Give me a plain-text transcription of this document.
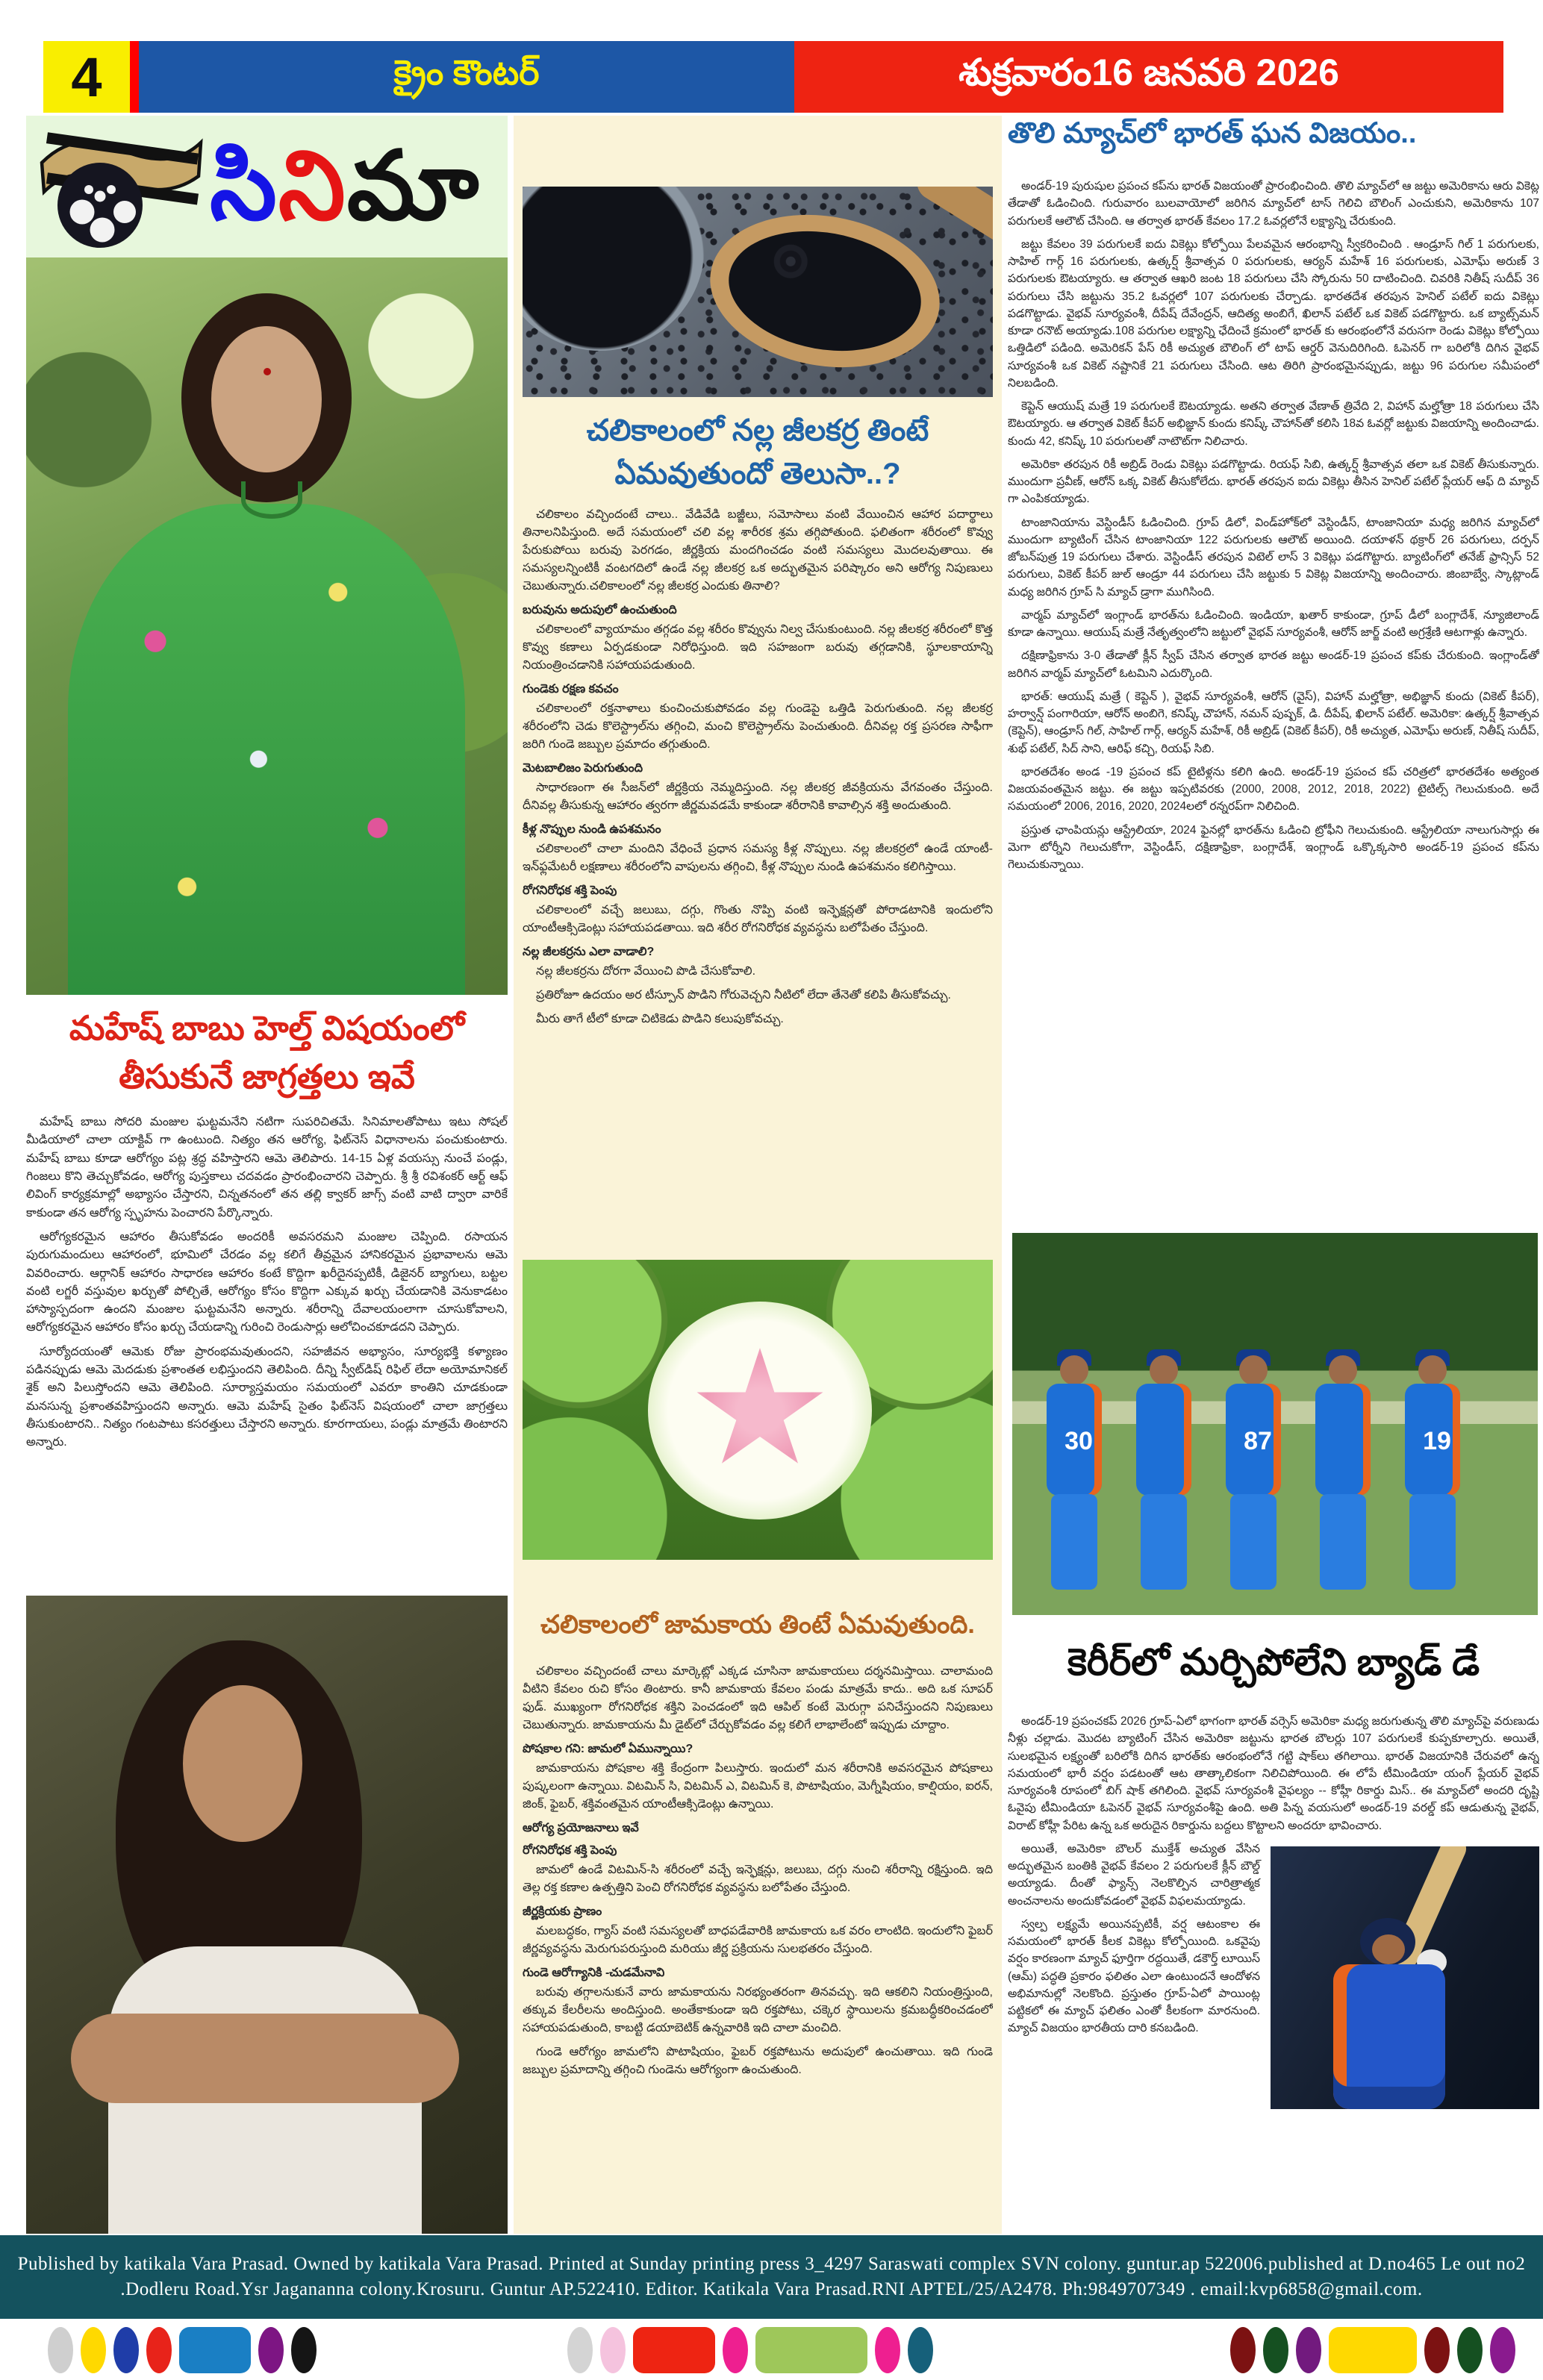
4	క్రైం కౌంటర్	శుక్రవారం16 జనవరి 2026
సినిమా
మహేష్ బాబు హెల్త్ విషయంలో
తీసుకునే జాగ్రత్తలు ఇవే

మహేష్ బాబు సోదరి మంజుల ఘట్టమనేని నటిగా సుపరిచితమే. సినిమాలతోపాటు ఇటు సోషల్ మీడియాలో చాలా యాక్టివ్ గా ఉంటుంది. నిత్యం తన ఆరోగ్య, ఫిట్‌నెస్ విధానాలను పంచుకుంటారు. మహేష్ బాబు కూడా ఆరోగ్యం పట్ల శ్రద్ధ వహిస్తారని ఆమె తెలిపారు. 14-15 ఏళ్ల వయస్సు నుంచే పండ్లు, గింజలు కొని తెచ్చుకోవడం, ఆరోగ్య పుస్తకాలు చదవడం ప్రారంభించారని చెప్పారు. శ్రీ శ్రీ రవిశంకర్ ఆర్ట్ ఆఫ్ లివింగ్ కార్యక్రమాల్లో అభ్యాసం చేస్తారని, చిన్నతనంలో తన తల్లి క్వాకర్ జాగ్స్ వంటి వాటి ద్వారా వారికే కాకుండా తన ఆరోగ్య స్పృహను పెంచారని పేర్కొన్నారు.

ఆరోగ్యకరమైన ఆహారం తీసుకోవడం అందరికీ అవసరమని మంజుల చెప్పింది. రసాయన పురుగుమందులు ఆహారంలో, భూమిలో చేరడం వల్ల కలిగే తీవ్రమైన హానికరమైన ప్రభావాలను ఆమె వివరించారు. ఆర్గానిక్ ఆహారం సాధారణ ఆహారం కంటే కొద్దిగా ఖరీదైనప్పటికీ, డిజైనర్ బ్యాగులు, బట్టల వంటి లగ్జరీ వస్తువుల ఖర్చుతో పోల్చితే, ఆరోగ్యం కోసం కొద్దిగా ఎక్కువ ఖర్చు చేయడానికి వెనుకాడటం హాస్యాస్పదంగా ఉందని మంజుల ఘట్టమనేని అన్నారు. శరీరాన్ని దేవాలయంలాగా చూసుకోవాలని, ఆరోగ్యకరమైన ఆహారం కోసం ఖర్చు చేయడాన్ని గురించి రెండుసార్లు ఆలోచించకూడదని చెప్పారు.

సూర్యోదయంతో ఆమెకు రోజు ప్రారంభమవుతుందని, సహజీవన అభ్యాసం, సూర్యభక్తి కళ్యాణం పడినప్పుడు ఆమె మెదడుకు ప్రశాంతత లభిస్తుందని తెలిపింది. దీన్ని స్వీట్‌డిష్ రిఫిల్ లేదా అయోమానికల్ శైక్ అని పిలుస్తోందని ఆమె తెలిపింది. సూర్యాస్తమయం సమయంలో ఎవరూ కాంతిని చూడకుండా మనసున్న ప్రశాంతవహిస్తుందని అన్నారు. ఆమె మహేష్ సైతం ఫిట్‌నెస్ విషయంలో చాలా జాగ్రత్తలు తీసుకుంటారని.. నిత్యం గంటపాటు కసరత్తులు చేస్తారని అన్నారు. కూరగాయలు, పండ్లు మాత్రమే తింటారని అన్నారు.

చలికాలంలో నల్ల జీలకర్ర తింటే
ఏమవుతుందో తెలుసా..?

చలికాలం వచ్చిందంటే చాలు.. వేడివేడి బజ్జీలు, సమోసాలు వంటి వేయించిన ఆహార పదార్థాలు తినాలనిపిస్తుంది. అదే సమయంలో చలి వల్ల శారీరక శ్రమ తగ్గిపోతుంది. ఫలితంగా శరీరంలో కొవ్వు పేరుకుపోయి బరువు పెరగడం, జీర్ణక్రియ మందగించడం వంటి సమస్యలు మొదలవుతాయి. ఈ సమస్యలన్నింటికీ వంటగదిలో ఉండే నల్ల జీలకర్ర ఒక అద్భుతమైన పరిష్కారం అని ఆరోగ్య నిపుణులు చెబుతున్నారు.చలికాలంలో నల్ల జీలకర్ర ఎందుకు తినాలి?

బరువును అదుపులో ఉంచుతుంది

చలికాలంలో వ్యాయామం తగ్గడం వల్ల శరీరం కొవ్వును నిల్వ చేసుకుంటుంది. నల్ల జీలకర్ర శరీరంలో కొత్త కొవ్వు కణాలు ఏర్పడకుండా నిరోధిస్తుంది. ఇది సహజంగా బరువు తగ్గడానికి, స్థూలకాయాన్ని నియంత్రించడానికి సహాయపడుతుంది.

గుండెకు రక్షణ కవచం

చలికాలంలో రక్తనాళాలు కుంచించుకుపోవడం వల్ల గుండెపై ఒత్తిడి పెరుగుతుంది. నల్ల జీలకర్ర శరీరంలోని చెడు కొలెస్ట్రాల్‌ను తగ్గించి, మంచి కొలెస్ట్రాల్‌ను పెంచుతుంది. దీనివల్ల రక్త ప్రసరణ సాఫీగా జరిగి గుండె జబ్బుల ప్రమాదం తగ్గుతుంది.

మెటబాలిజం పెరుగుతుంది

సాధారణంగా ఈ సీజన్‌లో జీర్ణక్రియ నెమ్మదిస్తుంది. నల్ల జీలకర్ర జీవక్రియను వేగవంతం చేస్తుంది. దీనివల్ల తీసుకున్న ఆహారం త్వరగా జీర్ణమవడమే కాకుండా శరీరానికి కావాల్సిన శక్తి అందుతుంది.

కీళ్ల నొప్పుల నుండి ఉపశమనం

చలికాలంలో చాలా మందిని వేధించే ప్రధాన సమస్య కీళ్ల నొప్పులు. నల్ల జీలకర్రలో ఉండే యాంటీ-ఇన్‌ఫ్లమేటరీ లక్షణాలు శరీరంలోని వాపులను తగ్గించి, కీళ్ల నొప్పుల నుండి ఉపశమనం కలిగిస్తాయి.

రోగనిరోధక శక్తి పెంపు

చలికాలంలో వచ్చే జలుబు, దగ్గు, గొంతు నొప్పి వంటి ఇన్ఫెక్షన్లతో పోరాడటానికి ఇందులోని యాంటీఆక్సిడెంట్లు సహాయపడతాయి. ఇది శరీర రోగనిరోధక వ్యవస్థను బలోపేతం చేస్తుంది.

నల్ల జీలకర్రను ఎలా వాడాలి?

నల్ల జీలకర్రను దోరగా వేయించి పొడి చేసుకోవాలి.

ప్రతిరోజూ ఉదయం అర టీస్పూన్ పొడిని గోరువెచ్చని నీటిలో లేదా తేనెతో కలిపి తీసుకోవచ్చు.

మీరు తాగే టీలో కూడా చిటికెడు పొడిని కలుపుకోవచ్చు.

చలికాలంలో జామకాయ తింటే ఏమవుతుంది.

చలికాలం వచ్చిందంటే చాలు మార్కెట్లో ఎక్కడ చూసినా జామకాయలు దర్శనమిస్తాయి. చాలామంది వీటిని కేవలం రుచి కోసం తింటారు. కానీ జామకాయ కేవలం పండు మాత్రమే కాదు.. అది ఒక సూపర్ ఫుడ్. ముఖ్యంగా రోగనిరోధక శక్తిని పెంచడంలో ఇది ఆపిల్ కంటే మెరుగ్గా పనిచేస్తుందని నిపుణులు చెబుతున్నారు. జామకాయను మీ డైట్‌లో చేర్చుకోవడం వల్ల కలిగే లాభాలేంటో ఇప్పుడు చూద్దాం.

పోషకాల గని: జామలో ఏమున్నాయి?

జామకాయను పోషకాల శక్తి కేంద్రంగా పిలుస్తారు. ఇందులో మన శరీరానికి అవసరమైన పోషకాలు పుష్కలంగా ఉన్నాయి. విటమిన్ సి, విటమిన్ ఎ, విటమిన్ కె, పొటాషియం, మెగ్నీషియం, కాల్షియం, ఐరన్, జింక్, ఫైబర్, శక్తివంతమైన యాంటీఆక్సిడెంట్లు ఉన్నాయి.

ఆరోగ్య ప్రయోజనాలు ఇవే
రోగనిరోధక శక్తి పెంపు

జామలో ఉండే విటమిన్-సి శరీరంలో వచ్చే ఇన్ఫెక్షన్లు, జలుబు, దగ్గు నుంచి శరీరాన్ని రక్షిస్తుంది. ఇది తెల్ల రక్త కణాల ఉత్పత్తిని పెంచి రోగనిరోధక వ్యవస్థను బలోపేతం చేస్తుంది.

జీర్ణక్రియకు ప్రాణం

మలబద్ధకం, గ్యాస్ వంటి సమస్యలతో బాధపడేవారికి జామకాయ ఒక వరం లాంటిది. ఇందులోని ఫైబర్ జీర్ణవ్యవస్థను మెరుగుపరుస్తుంది మరియు జీర్ణ ప్రక్రియను సులభతరం చేస్తుంది.

గుండె ఆరోగ్యానికి -చుడమేనావి

బరువు తగ్గాలనుకునే వారు జామకాయను నిరభ్యంతరంగా తినవచ్చు. ఇది ఆకలిని నియంత్రిస్తుంది, తక్కువ కేలరీలను అందిస్తుంది. అంతేకాకుండా ఇది రక్తపోటు, చక్కెర స్థాయిలను క్రమబద్ధీకరించడంలో సహాయపడుతుంది, కాబట్టి డయాబెటిక్ ఉన్నవారికి ఇది చాలా మంచిది.

గుండె ఆరోగ్యం జామలోని పొటాషియం, ఫైబర్ రక్తపోటును అదుపులో ఉంచుతాయి. ఇది గుండె జబ్బుల ప్రమాదాన్ని తగ్గించి గుండెను ఆరోగ్యంగా ఉంచుతుంది.

తొలి మ్యాచ్‌లో భారత్ ఘన విజయం..

అండర్-19 పురుషుల ప్రపంచ కప్‌ను భారత్ విజయంతో ప్రారంభించింది. తొలి మ్యాచ్‌లో ఆ జట్టు అమెరికాను ఆరు వికెట్ల తేడాతో ఓడించింది. గురువారం బులవాయోలో జరిగిన మ్యాచ్‌లో టాస్ గెలిచి బౌలింగ్ ఎంచుకుని, అమెరికాను 107 పరుగులకే ఆలౌట్ చేసింది. ఆ తర్వాత భారత్ కేవలం 17.2 ఓవర్లలోనే లక్ష్యాన్ని చేరుకుంది.

జట్టు కేవలం 39 పరుగులకే ఐదు వికెట్లు కోల్పోయి పేలవమైన ఆరంభాన్ని స్వీకరించింది . ఆండ్రూస్ గిల్ 1 పరుగులకు, సాహిల్ గార్గ్ 16 పరుగులకు, ఉత్కర్ష్ శ్రీవాత్సవ 0 పరుగులకు, ఆర్యన్ మహేశ్ 16 పరుగులకు, ఎమోఘ్ అరుణ్ 3 పరుగులకు ఔటయ్యారు. ఆ తర్వాత ఆఖరి జంట 18 పరుగులు చేసి స్కోరును 50 దాటించింది. చివరికి నితీష్ సుదీప్ 36 పరుగులు చేసి జట్టును 35.2 ఓవర్లలో 107 పరుగులకు చేర్చాడు. భారతదేశ తరపున హెనిల్ పటేల్ ఐదు వికెట్లు పడగొట్టాడు. వైభవ్ సూర్యవంశీ, దీపేష్ దేవేంద్రన్, ఆదిత్య అంబిగే, ఖిలాన్ పటేల్ ఒక వికెట్ పడగొట్టారు. ఒక బ్యాట్స్‌మన్ కూడా రనౌట్ అయ్యాడు.108 పరుగుల లక్ష్యాన్ని ఛేదించే క్రమంలో భారత్ కు ఆరంభంలోనే వరుసగా రెండు వికెట్లు కోల్పోయి ఒత్తిడిలో పడింది. అమెరికన్ పేస్ రికీ అచ్యుత బౌలింగ్ లో టాప్ ఆర్డర్ వెనుదిరిగింది. ఓపెనర్ గా బరిలోకి దిగిన వైభవ్ సూర్యవంశీ ఒక వికెట్ నష్టానికే 21 పరుగులు చేసింది. ఆట తిరిగి ప్రారంభమైనప్పుడు, జట్టు 96 పరుగుల సమీపంలో నిలబడింది.

కెప్టెన్ ఆయుష్ మత్రే 19 పరుగులకే ఔటయ్యాడు. అతని తర్వాత వేణాత్ త్రివేది 2, విహాన్ మల్హోత్రా 18 పరుగులు చేసి ఔటయ్యారు. ఆ తర్వాత వికెట్ కీపర్ అభిజ్ఞాన్ కుందు కనిష్క్ చౌహాన్‌తో కలిసి 18వ ఓవర్లో జట్టుకు విజయాన్ని అందించాడు. కుందు 42, కనిష్క్ 10 పరుగులతో నాటౌట్‌గా నిలిచారు.

అమెరికా తరపున రికీ అబ్రిడ్ రెండు వికెట్లు పడగొట్టాడు. రియఫ్ సిబి, ఉత్కర్ష్ శ్రీవాత్సవ తలా ఒక వికెట్ తీసుకున్నారు. ముందుగా ప్రవీణ్, ఆరోన్ ఒక్క వికెట్ తీసుకోలేదు. భారత్ తరపున ఐదు వికెట్లు తీసిన హెనిల్ పటేల్ ప్లేయర్ ఆఫ్ ది మ్యాచ్ గా ఎంపికయ్యాడు.

టాంజానియాను వెస్టిండీస్ ఓడించింది. గ్రూప్ డిలో, విండ్‌హోక్‌లో వెస్టిండీస్, టాంజానియా మధ్య జరిగిన మ్యాచ్‌లో ముందుగా బ్యాటింగ్ చేసిన టాంజానియా 122 పరుగులకు ఆలౌట్ అయింది. దయాళన్ థక్రార్ 26 పరుగులు, దర్పన్ జోబన్‌పుత్ర 19 పరుగులు చేశారు. వెస్టిండీస్ తరపున విటెల్ లాస్ 3 వికెట్లు పడగొట్టారు. బ్యాటింగ్‌లో తనేజ్ ఫ్రాన్సిస్ 52 పరుగులు, వికెట్ కీపర్ జుల్ ఆండ్రూ 44 పరుగులు చేసి జట్టుకు 5 వికెట్ల విజయాన్ని అందించారు. జింబాబ్వే, స్కాట్లాండ్ మధ్య జరిగిన గ్రూప్ సి మ్యాచ్ డ్రాగా ముగిసింది.

వార్మప్ మ్యాచ్‌లో ఇంగ్లాండ్ భారత్‌ను ఓడించింది. ఇండియా, ఖతార్ కాకుండా, గ్రూప్ డీలో బంగ్లాదేశ్, న్యూజిలాండ్ కూడా ఉన్నాయి. ఆయుష్ మత్రే నేతృత్వంలోని జట్టులో వైభవ్ సూర్యవంశీ, ఆరోన్ జార్జ్ వంటి అగ్రశ్రేణి ఆటగాళ్లు ఉన్నారు.

దక్షిణాఫ్రికాను 3-0 తేడాతో క్లీన్ స్వీప్ చేసిన తర్వాత భారత జట్టు అండర్-19 ప్రపంచ కప్‌కు చేరుకుంది. ఇంగ్లాండ్‌తో జరిగిన వార్మప్ మ్యాచ్‌లో ఓటమిని ఎదుర్కొంది.

భారత్: ఆయుష్ మత్రే ( కెప్టెన్ ), వైభవ్ సూర్యవంశీ, ఆరోన్ (వైస్), విహాన్ మల్హోత్రా, అభిజ్ఞాన్ కుందు (వికెట్ కీపర్), హర్వాన్ష్ పంగారియా, ఆరోన్ అంబిగె, కనిష్క్ చౌహాన్, నమన్ పుష్పక్, డి. దీపేష్, ఖిలాన్ పటేల్. అమెరికా: ఉత్కర్ష్ శ్రీవాత్సవ (కెప్టెన్), ఆండ్రూస్ గిల్, సాహిల్ గార్గ్, ఆర్యన్ మహేశ్, రికీ అబ్రిడ్ (వికెట్ కీపర్), రికీ అచ్యుత, ఎమోఘ్ అరుణ్, నితీష్ సుదీప్, శుభ్ పటేల్, సిద్ సాని, ఆరిఫ్ కచ్చి, రియఫ్ సిబి.

భారతదేశం అండ -19 ప్రపంచ కప్ టైటిళ్లను కలిగి ఉంది. అండర్-19 ప్రపంచ కప్ చరిత్రలో భారతదేశం అత్యంత విజయవంతమైన జట్టు. ఈ జట్టు ఇప్పటివరకు (2000, 2008, 2012, 2018, 2022) టైటిల్స్ గెలుచుకుంది. అదే సమయంలో 2006, 2016, 2020, 2024లలో రన్నరప్‌గా నిలిచింది.

ప్రస్తుత ఛాంపియన్లు ఆస్ట్రేలియా, 2024 ఫైనల్లో భారత్‌ను ఓడించి ట్రోఫీని గెలుచుకుంది. ఆస్ట్రేలియా నాలుగుసార్లు ఈ మెగా టోర్నీని గెలుచుకోగా, వెస్టిండీస్, దక్షిణాఫ్రికా, బంగ్లాదేశ్, ఇంగ్లాండ్ ఒక్కొక్కసారి అండర్-19 ప్రపంచ కప్‌ను గెలుచుకున్నాయి.

30	87	19
కెరీర్‌లో మర్చిపోలేని బ్యాడ్ డే

అండర్-19 ప్రపంచకప్ 2026 గ్రూప్-ఏలో భాగంగా భారత్ వర్సెస్ అమెరికా మధ్య జరుగుతున్న తొలి మ్యాచ్‌పై వరుణుడు నీళ్లు చల్లాడు. మొదట బ్యాటింగ్ చేసిన అమెరికా జట్టును భారత బౌలర్లు 107 పరుగులకే కుప్పకూల్చారు. అయితే, సులభమైన లక్ష్యంతో బరిలోకి దిగిన భారత్‌కు ఆరంభంలోనే గట్టి షాక్‌లు తగిలాయి. భారత్ విజయానికి చేరువలో ఉన్న సమయంలో భారీ వర్షం పడటంతో ఆట తాత్కాలికంగా నిలిచిపోయింది. ఈ లోపే టీమిండియా యంగ్ ప్లేయర్ వైభవ్ సూర్యవంశీ రూపంలో బిగ్ షాక్ తగిలింది. వైభవ్ సూర్యవంశీ వైఫల్యం -- కోహ్లీ రికార్డు మిస్.. ఈ మ్యాచ్‌లో అందరి దృష్టి ఓవైపు టీమిండియా ఓపెనర్ వైభవ్ సూర్యవంశీపై ఉంది. అతి పిన్న వయసులో అండర్-19 వరల్డ్ కప్ ఆడుతున్న వైభవ్, విరాట్ కోహ్లీ పేరిట ఉన్న ఒక అరుదైన రికార్డును బద్దలు కొట్టాలని అందరూ భావించారు.

అయితే, అమెరికా బౌలర్ ముక్తేశ్ అచ్యుత వేసిన అద్భుతమైన బంతికి వైభవ్ కేవలం 2 పరుగులకే క్లీన్ బౌల్డ్ అయ్యాడు. దీంతో ఫ్యాన్స్ నెలకొల్పిన చారిత్రాత్మక అంచనాలను అందుకోవడంలో వైభవ్ విఫలమయ్యాడు.

స్వల్ప లక్ష్యమే అయినప్పటికీ, వర్ష ఆటంకాల ఈ సమయంలో భారత్ కీలక వికెట్లు కోల్పోయింది. ఒకవైపు వర్షం కారణంగా మ్యాచ్ ఫూర్తిగా రద్దయితే, డకౌర్త్ లూయిస్ (ఆమ్) పద్ధతి ప్రకారం ఫలితం ఎలా ఉంటుందనే ఆందోళన అభిమానుల్లో నెలకొంది. ప్రస్తుతం గ్రూప్-ఏలో పాయింట్ల పట్టికలో ఈ మ్యాచ్ ఫలితం ఎంతో కీలకంగా మారనుంది. మ్యాచ్ విజయం భారతీయ దారి కనబడింది.

Published by katikala Vara Prasad. Owned by katikala Vara Prasad. Printed at Sunday printing press 3_4297 Saraswati complex SVN colony. guntur.ap 522006.published at D.no465 Le out no2
.Dodleru Road.Ysr Jagananna colony.Krosuru. Guntur AP.522410. Editor. Katikala Vara Prasad.RNI APTEL/25/A2478. Ph:9849707349 . email:kvp6858@gmail.com.
